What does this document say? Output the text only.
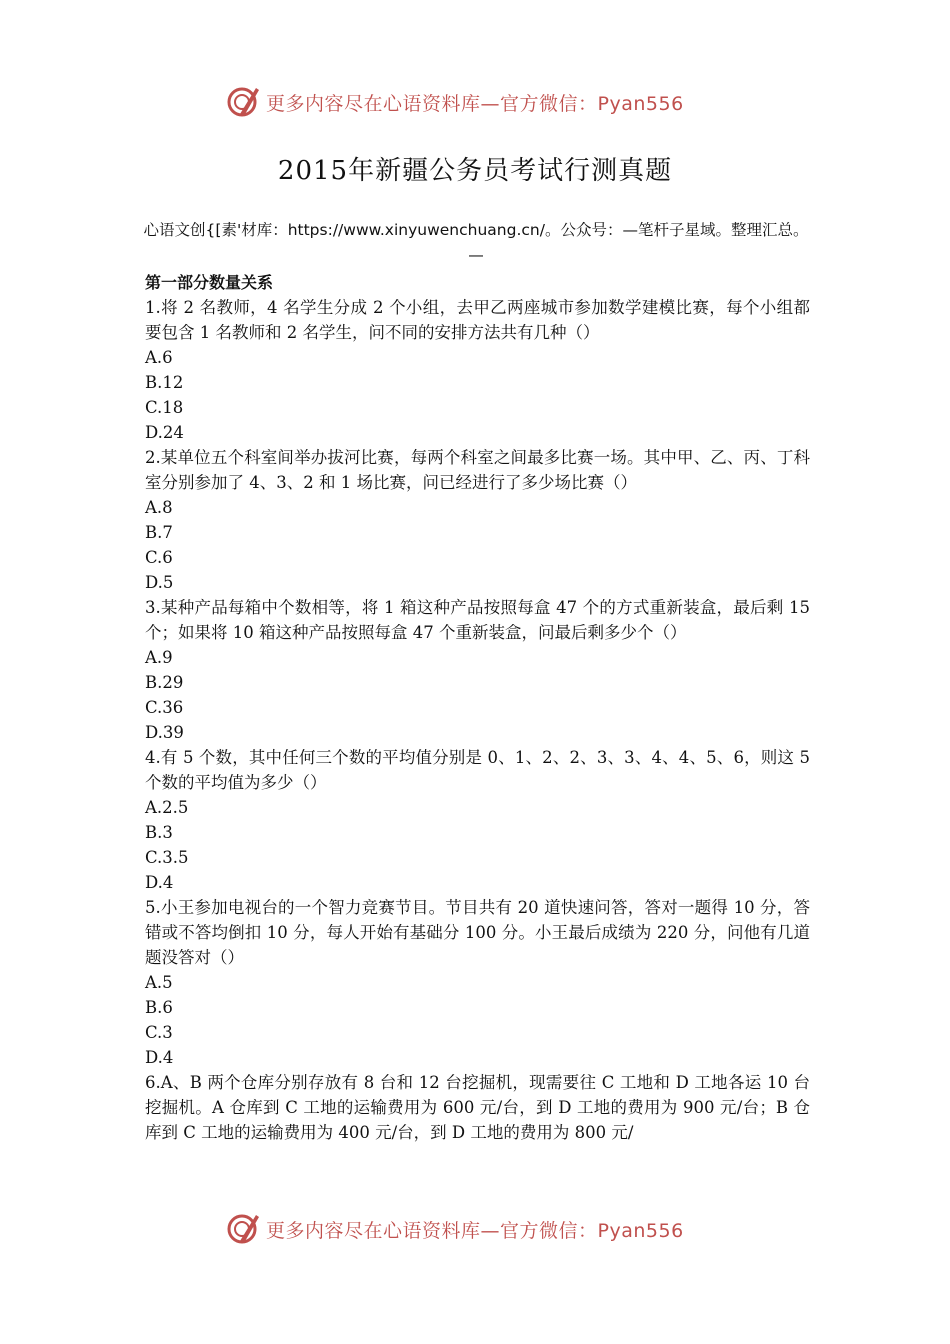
更多内容尽在心语资料库—官方微信：Pyan556
2015年新疆公务员考试行测真题
心语文创{[素'材库：https://www.xinyuwenchuang.cn/。公众号：—笔杆子星域。整理汇总。—

第一部分数量关系

1.将 2 名教师，4 名学生分成 2 个小组，去甲乙两座城市参加数学建模比赛，每个小组都要包含 1 名教师和 2 名学生，问不同的安排方法共有几种（）

A.6

B.12

C.18

D.24

2.某单位五个科室间举办拔河比赛，每两个科室之间最多比赛一场。其中甲、乙、丙、丁科室分别参加了 4、3、2 和 1 场比赛，问已经进行了多少场比赛（）

A.8

B.7

C.6

D.5

3.某种产品每箱中个数相等，将 1 箱这种产品按照每盒 47 个的方式重新装盒，最后剩 15 个；如果将 10 箱这种产品按照每盒 47 个重新装盒，问最后剩多少个（）

A.9

B.29

C.36

D.39

4.有 5 个数，其中任何三个数的平均值分别是 0、1、2、2、3、3、4、4、5、6，则这 5 个数的平均值为多少（）

A.2.5

B.3

C.3.5

D.4

5.小王参加电视台的一个智力竞赛节目。节目共有 20 道快速问答，答对一题得 10 分，答错或不答均倒扣 10 分，每人开始有基础分 100 分。小王最后成绩为 220 分，问他有几道题没答对（）

A.5

B.6

C.3

D.4

6.A、B 两个仓库分别存放有 8 台和 12 台挖掘机，现需要往 C 工地和 D 工地各运 10 台挖掘机。A 仓库到 C 工地的运输费用为 600 元/台，到 D 工地的费用为 900 元/台；B 仓库到 C 工地的运输费用为 400 元/台，到 D 工地的费用为 800 元/

更多内容尽在心语资料库—官方微信：Pyan556
